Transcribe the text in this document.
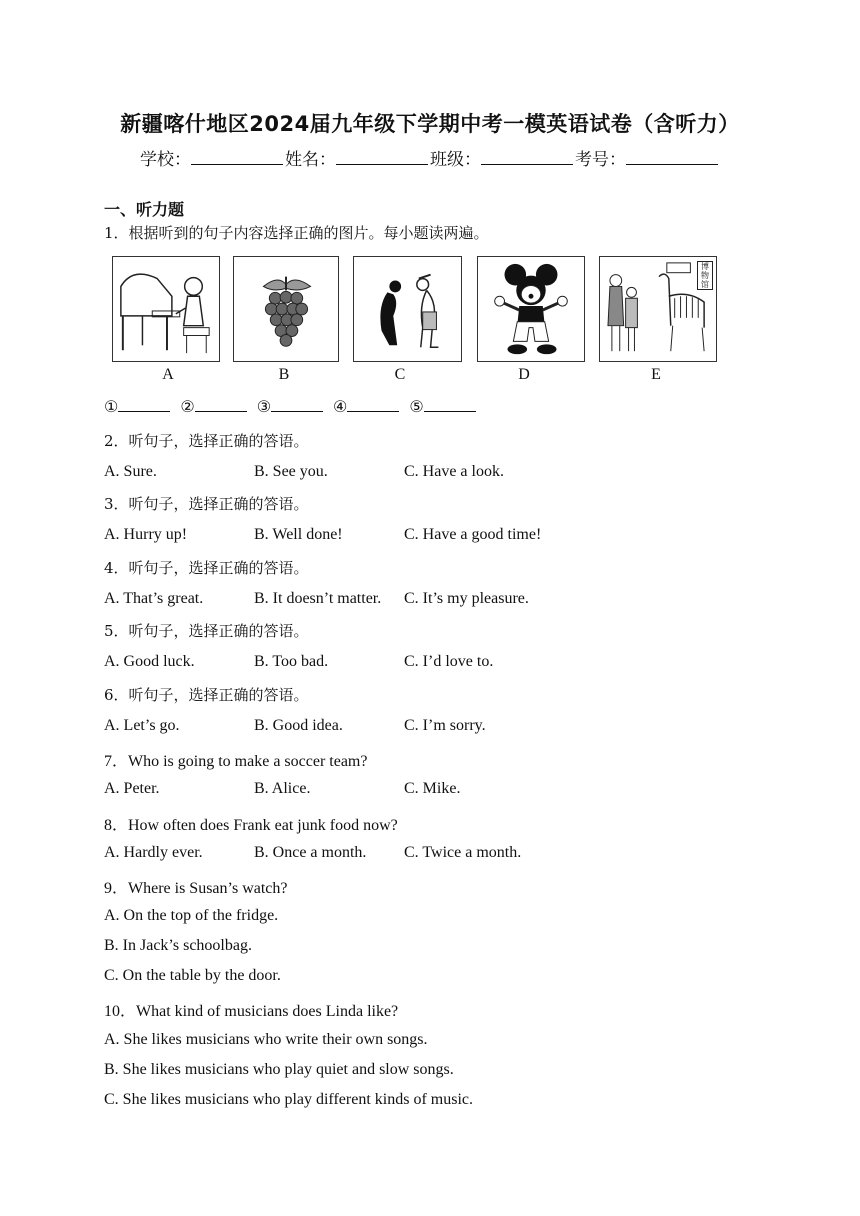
新疆喀什地区2024届九年级下学期中考一模英语试卷（含听力）
学校：	姓名：	班级：	考号：
一、听力题
1．根据听到的句子内容选择正确的图片。每小题读两遍。
A	B	C	D
博物馆
E
①	②	③	④	⑤
2．听句子，选择正确的答语。
A. Sure.	B. See you.	C. Have a look.
3．听句子，选择正确的答语。
A. Hurry up!	B. Well done!	C. Have a good time!
4．听句子，选择正确的答语。
A. That’s great.	B. It doesn’t matter. C. It’s my pleasure.
5．听句子，选择正确的答语。
A. Good luck.	B. Too bad.	C. I’d love to.
6．听句子，选择正确的答语。
A. Let’s go.	B. Good idea.	C. I’m sorry.
7．Who is going to make a soccer team?
A. Peter.	B. Alice.	C. Mike.
8．How often does Frank eat junk food now?
A. Hardly ever.	B. Once a month. C. Twice a month.
9．Where is Susan’s watch?
A. On the top of the fridge.
B. In Jack’s schoolbag.
C. On the table by the door.
10．What kind of musicians does Linda like?
A. She likes musicians who write their own songs.
B. She likes musicians who play quiet and slow songs.
C. She likes musicians who play different kinds of music.
